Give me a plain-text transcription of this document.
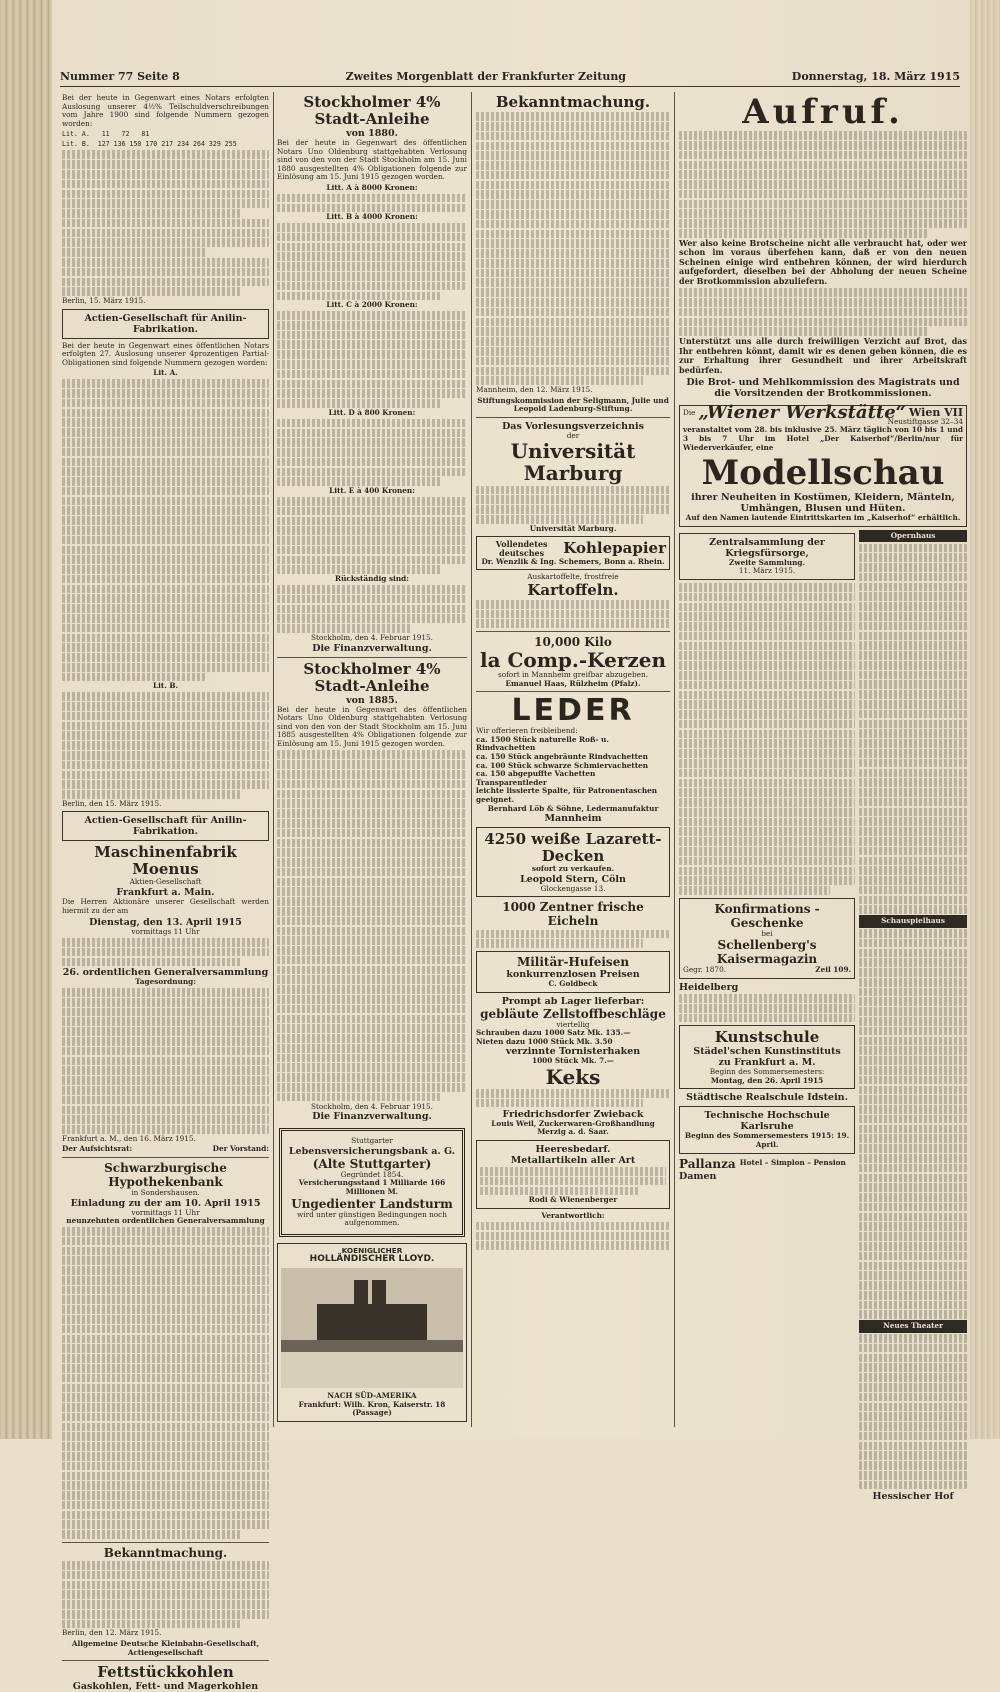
Nummer 77 Seite 8	Zweites Morgenblatt der Frankfurter Zeitung	Donnerstag, 18. März 1915

Bei der heute in Gegenwart eines Notars erfolgten Auslosung unserer 4½% Teilschuldverschreibungen vom Jahre 1900 sind folgende Nummern gezogen worden:

Lit. A.   11   72   81
Lit. B.  127 136 150 170 217 234 264 329 255

Berlin, 15. März 1915.

Actien-Gesellschaft für Anilin-Fabrikation.

Bei der heute in Gegenwart eines öffentlichen Notars erfolgten 27. Auslosung unserer 4prozentigen Partial-Obligationen sind folgende Nummern gezogen worden:

Lit. A.
Lit. B.

Berlin, den 15. März 1915.

Actien-Gesellschaft für Anilin-Fabrikation.
Maschinenfabrik Moenus
Aktien-Gesellschaft
Frankfurt a. Main.

Die Herren Aktionäre unserer Gesellschaft werden hiermit zu der am

Dienstag, den 13. April 1915
vormittags 11 Uhr
26. ordentlichen Generalversammlung
Tagesordnung:

Frankfurt a. M., den 16. März 1915.

Der Aufsichtsrat:	Der Vorstand:
Schwarzburgische Hypothekenbank
in Sondershausen.
Einladung zu der am 10. April 1915
vormittags 11 Uhr
neunzehnten ordentlichen Generalversammlung
Bekanntmachung.

Berlin, den 12. März 1915.

Allgemeine Deutsche Kleinbahn-Gesellschaft, Actiengesellschaft
Fettstückkohlen
Gaskohlen, Fett- und Magerkohlen
Stockholmer 4% Stadt-Anleihe
von 1880.

Bei der heute in Gegenwart des öffentlichen Notars Uno Oldenburg stattgehabten Verlosung sind von den von der Stadt Stockholm am 15. Juni 1880 ausgestellten 4% Obligationen folgende zur Einlösung am 15. Juni 1915 gezogen worden.

Litt. A à 8000 Kronen:
Litt. B à 4000 Kronen:
Litt. C à 2000 Kronen:
Litt. D à 800 Kronen:
Litt. E à 400 Kronen:
Rückständig sind:
Stockholm, den 4. Februar 1915.
Die Finanzverwaltung.
Stockholmer 4% Stadt-Anleihe
von 1885.

Bei der heute in Gegenwart des öffentlichen Notars Uno Oldenburg stattgehabten Verlosung sind von den von der Stadt Stockholm am 15. Juni 1885 ausgestellten 4% Obligationen folgende zur Einlösung am 15. Juni 1915 gezogen worden.

Stockholm, den 4. Februar 1915.
Die Finanzverwaltung.
Stuttgarter
Lebensversicherungsbank a. G.
(Alte Stuttgarter)
Gegründet 1854.
Versicherungsstand 1 Milliarde 166 Millionen M.
Ungedienter Landsturm
wird unter günstigen Bedingungen noch aufgenommen.
KOENIGLICHER
HOLLÄNDISCHER LLOYD.
NACH SÜD-AMERIKA
Frankfurt: Wilh. Kron, Kaiserstr. 18 (Passage)
Bekanntmachung.

Mannheim, den 12. März 1915.

Stiftungskommission der Seligmann, Julie und Leopold Ladenburg-Stiftung.
Das Vorlesungsverzeichnis
der
Universität Marburg
Universität Marburg.
Vollendetes deutsches	Kohlepapier
Dr. Wenzlik & Ing. Schemers, Bonn a. Rhein.
Auskartoffelte, frostfreie
Kartoffeln.
10,000 Kilo
la Comp.-Kerzen
sofort in Mannheim greifbar abzugeben.
Emanuel Haas, Rülzheim (Pfalz).
LEDER
Wir offerieren freibleibend:
ca. 1500 Stück naturelle Roß- u. Rindvachetten
ca. 150 Stück angebräunte Rindvachetten
ca. 100 Stück schwarze Schmiervachetten
ca. 150 abgepuffte Vachetten
Transparentleder
leichte lissierte Spalte, für Patronentaschen geeignet.
Bernhard Löb & Söhne, Ledermanufaktur
Mannheim
4250 weiße Lazarett-Decken
sofort zu verkaufen.
Leopold Stern, Cöln
Glockengasse 13.
1000 Zentner frische Eicheln
Militär-Hufeisen
konkurrenzlosen Preisen
C. Goldbeck
Prompt ab Lager lieferbar:
gebläute Zellstoffbeschläge
viertellig
Schrauben dazu 1000 Satz Mk. 135.—
Nieten dazu 1000 Stück Mk. 3.50
verzinnte Tornisterhaken
1000 Stück Mk. 7.—
Keks
Friedrichsdorfer Zwieback
Louis Weil, Zuckerwaren-Großhandlung
Merzig a. d. Saar.
Heeresbedarf.
Metallartikeln aller Art
Rodi & Wienenberger
Verantwortlich:
Aufruf.

Wer also keine Brotscheine nicht alle verbraucht hat, oder wer schon im voraus überfehen kann, daß er von den neuen Scheinen einige wird entbehren können, der wird hierdurch aufgefordert, dieselben bei der Abholung der neuen Scheine der Brotkommission abzuliefern.

Unterstützt uns alle durch freiwilligen Verzicht auf Brot, das Ihr entbehren könnt, damit wir es denen geben können, die es zur Erhaltung ihrer Gesundheit und ihrer Arbeitskraft bedürfen.

Die Brot- und Mehlkommission des Magistrats und die Vorsitzenden der Brotkommissionen.
Die „Wiener Werkstätte“ Wien VII
Neustiftgasse 32–34

veranstaltet vom 28. bis inklusive 25. März täglich von 10 bis 1 und 3 bis 7 Uhr im Hotel „Der Kaiserhof“/Berlin/nur für Wiederverkäufer, eine

Modellschau
ihrer Neuheiten in Kostümen, Kleidern, Mänteln, Umhängen, Blusen und Hüten.
Auf den Namen lautende Eintrittskarten im „Kaiserhof“ erhältlich.
Zentralsammlung der Kriegsfürsorge,
Zweite Sammlung.
11. März 1915.
Konfirmations - Geschenke
bei
Schellenberg's Kaisermagazin
Gegr. 1870.	Zeil 109.
Heidelberg
Kunstschule
Städel'schen Kunstinstituts
zu Frankfurt a. M.
Beginn des Sommersemesters:
Montag, den 26. April 1915
Städtische Realschule Idstein.
Technische Hochschule Karlsruhe
Beginn des Sommersemesters 1915: 19. April.
Pallanza Hotel – Simplon – Pension
Damen
Opernhaus
Schauspielhaus
Neues Theater
Hessischer Hof
